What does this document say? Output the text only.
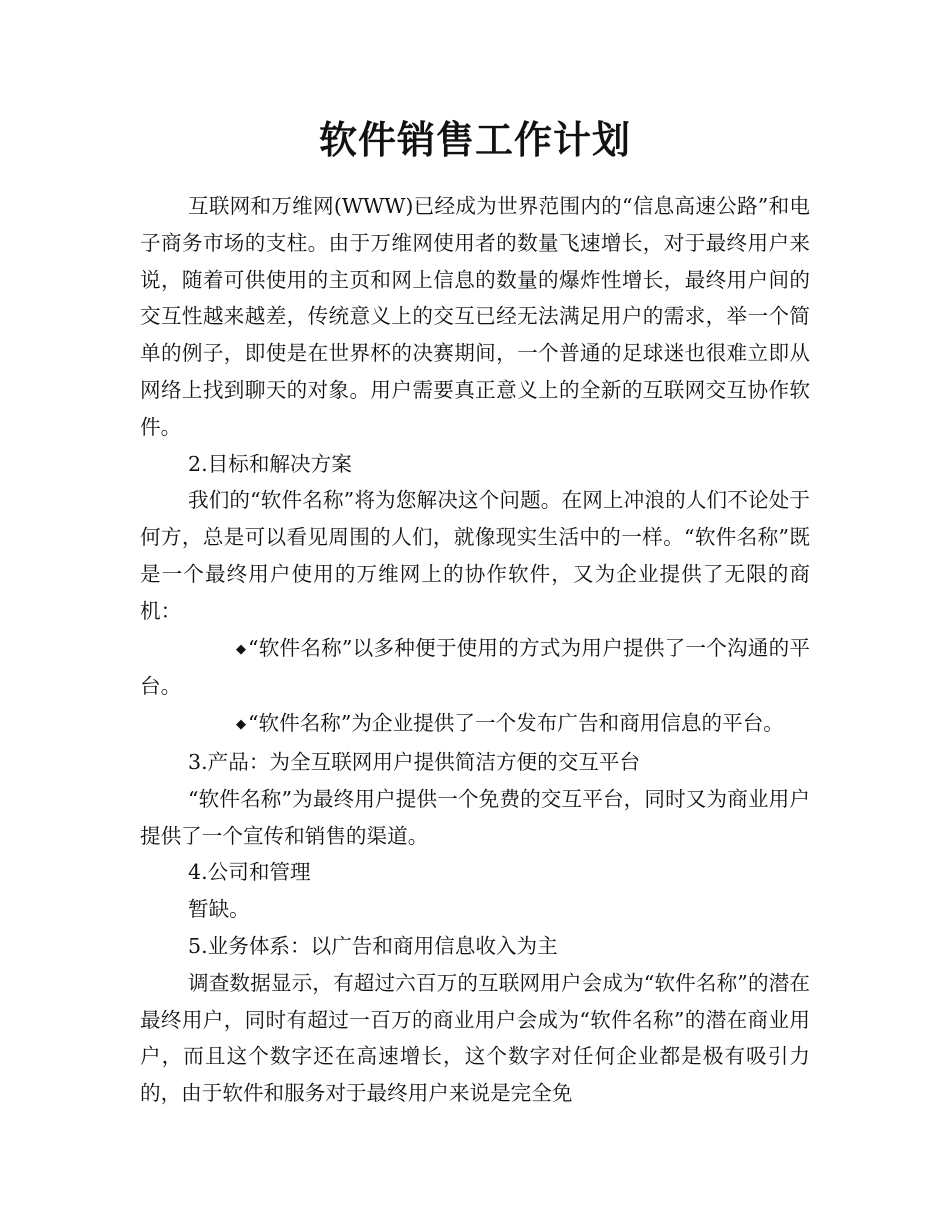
软件销售工作计划

互联网和万维网(WWW)已经成为世界范围内的“信息高速公路”和电子商务市场的支柱。由于万维网使用者的数量飞速增长，对于最终用户来说，随着可供使用的主页和网上信息的数量的爆炸性增长，最终用户间的交互性越来越差，传统意义上的交互已经无法满足用户的需求，举一个简单的例子，即使是在世界杯的决赛期间，一个普通的足球迷也很难立即从网络上找到聊天的对象。用户需要真正意义上的全新的互联网交互协作软件。

2.目标和解决方案

我们的“软件名称”将为您解决这个问题。在网上冲浪的人们不论处于何方，总是可以看见周围的人们，就像现实生活中的一样。“软件名称”既是一个最终用户使用的万维网上的协作软件，又为企业提供了无限的商机：

◆“软件名称”以多种便于使用的方式为用户提供了一个沟通的平台。

◆“软件名称”为企业提供了一个发布广告和商用信息的平台。

3.产品：为全互联网用户提供简洁方便的交互平台

“软件名称”为最终用户提供一个免费的交互平台，同时又为商业用户提供了一个宣传和销售的渠道。

4.公司和管理

暂缺。

5.业务体系：以广告和商用信息收入为主

调查数据显示，有超过六百万的互联网用户会成为“软件名称”的潜在最终用户，同时有超过一百万的商业用户会成为“软件名称”的潜在商业用户，而且这个数字还在高速增长，这个数字对任何企业都是极有吸引力的，由于软件和服务对于最终用户来说是完全免
